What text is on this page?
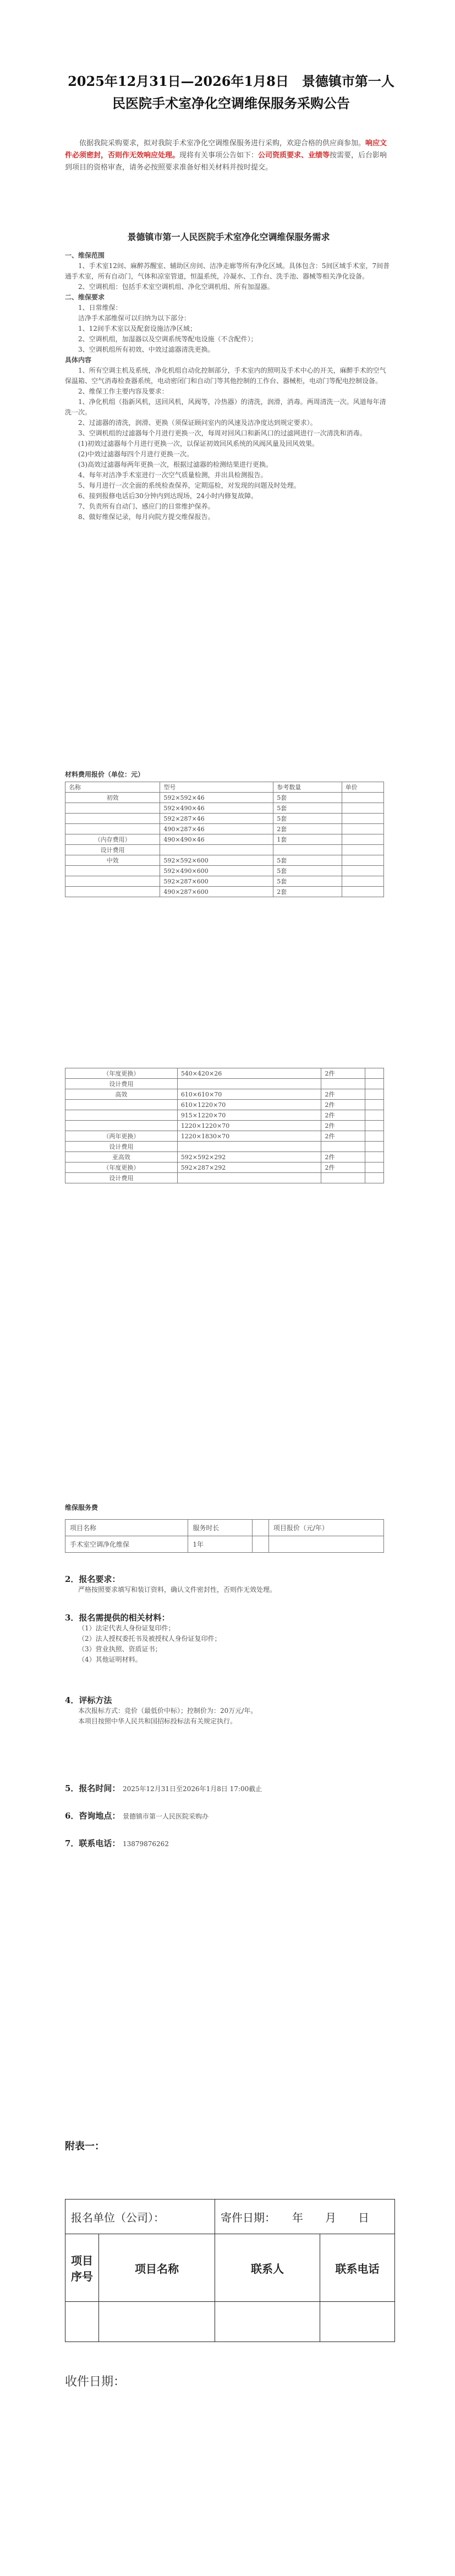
2025年12月31日—2026年1月8日　景德镇市第一人民医院手术室净化空调维保服务采购公告
依据我院采购要求，拟对我院手术室净化空调维保服务进行采购，欢迎合格的供应商参加。响应文件必须密封，否则作无效响应处理。现将有关事项公告如下：公司资质要求、业绩等按需要，后台影响到项目的资格审查，请务必按照要求准备好相关材料并按时提交。
景德镇市第一人民医院手术室净化空调维保服务需求

一、维保范围

1、手术室12间、麻醉苏醒室、辅助区房间、洁净走廊等所有净化区域。具体包含：5间区域手术室，7间普通手术室，所有自动门，气体和凉室管道，恒温系统，冷凝水、工作台、洗手池、器械等相关净化设备。

2、空调机组：包括手术室空调机组、净化空调机组、所有加湿器。

二、维保要求

1、日常维保：

洁净手术部维保可以归纳为以下部分：

1、12间手术室以及配套设施洁净区域；

2、空调机组，加湿器以及空调系统等配电设施（不含配件）；

3、空调机组所有初效、中效过滤器清洗更换。

具体内容

1、所有空调主机及系统，净化机组自动化控制部分，手术室内的照明及手术中心的开关，麻醉手术的空气保温箱、空气消毒检查器系统，电动密闭门和自动门等其他控制的工作台、器械柜，电动门等配电控制设备。

2、维保工作主要内容及要求：

1、净化机组（指新风机，送回风机，风阀等，冷热器）的清洗，润滑，消毒。两周清洗一次。风道每年清洗一次。

2、过滤器的清洗，润滑、更换（须保证顾问室内的风速及洁净度达到规定要求）。

3、空调机组的过滤器每个月进行更换一次，每周对回风口和新风口的过滤网进行一次清洗和消毒。

(1)初效过滤器每个月进行更换一次，以保证初效回风系统的风阀风量及回风效果。

(2)中效过滤器每四个月进行更换一次。

(3)高效过滤器每两年更换一次，根据过滤器的检测结果进行更换。

4、每年对洁净手术室进行一次空气质量检测，并出具检测报告。

5、每月进行一次全面的系统检查保养，定期巡检，对发现的问题及时处理。

6、接到报修电话后30分钟内到达现场，24小时内修复故障。

7、负责所有自动门、感应门的日常维护保养。

8、做好维保记录，每月向院方提交维保报告。

材料费用报价（单位：元）
名称	型号	参考数量	单价
初效	592×592×46	5套	
	592×490×46	5套	
	592×287×46	5套	
	490×287×46	2套	
（内存费用）	490×490×46	1套	
设计费用			
中效	592×592×600	5套	
	592×490×600	5套	
	592×287×600	5套	
	490×287×600	2套	
（年度更换）	540×420×26	2件	
设计费用			
高效	610×610×70	2件	
	610×1220×70	2件	
	915×1220×70	2件	
	1220×1220×70	2件	
（两年更换）	1220×1830×70	2件	
设计费用			
亚高效	592×592×292	2件	
（年度更换）	592×287×292	2件	
设计费用			
维保服务费
项目名称	服务时长		项目报价（元/年）
手术室空调净化维保	1年		

2．报名要求：

严格按照要求填写和装订资料，确认文件密封性，否则作无效处理。

3．报名需提供的相关材料：

（1）法定代表人身份证复印件；

（2）法人授权委托书及被授权人身份证复印件；

（3）营业执照、资质证书；

（4）其他证明材料。

4．评标方法

本次报标方式：竞价（最低价中标）；控制价为：20万元/年。

本项目按照中华人民共和国招标投标法有关规定执行。

5．报名时间：　 2025年12月31日至2026年1月8日 17:00截止

6．咨询地点：　 景德镇市第一人民医院采购办

7．联系电话：　 13879876262

附表一：
报名单位（公司）：		寄件日期：　　 年　　 月　　 日	
项目序号	项目名称	联系人	联系电话

收件日期：
